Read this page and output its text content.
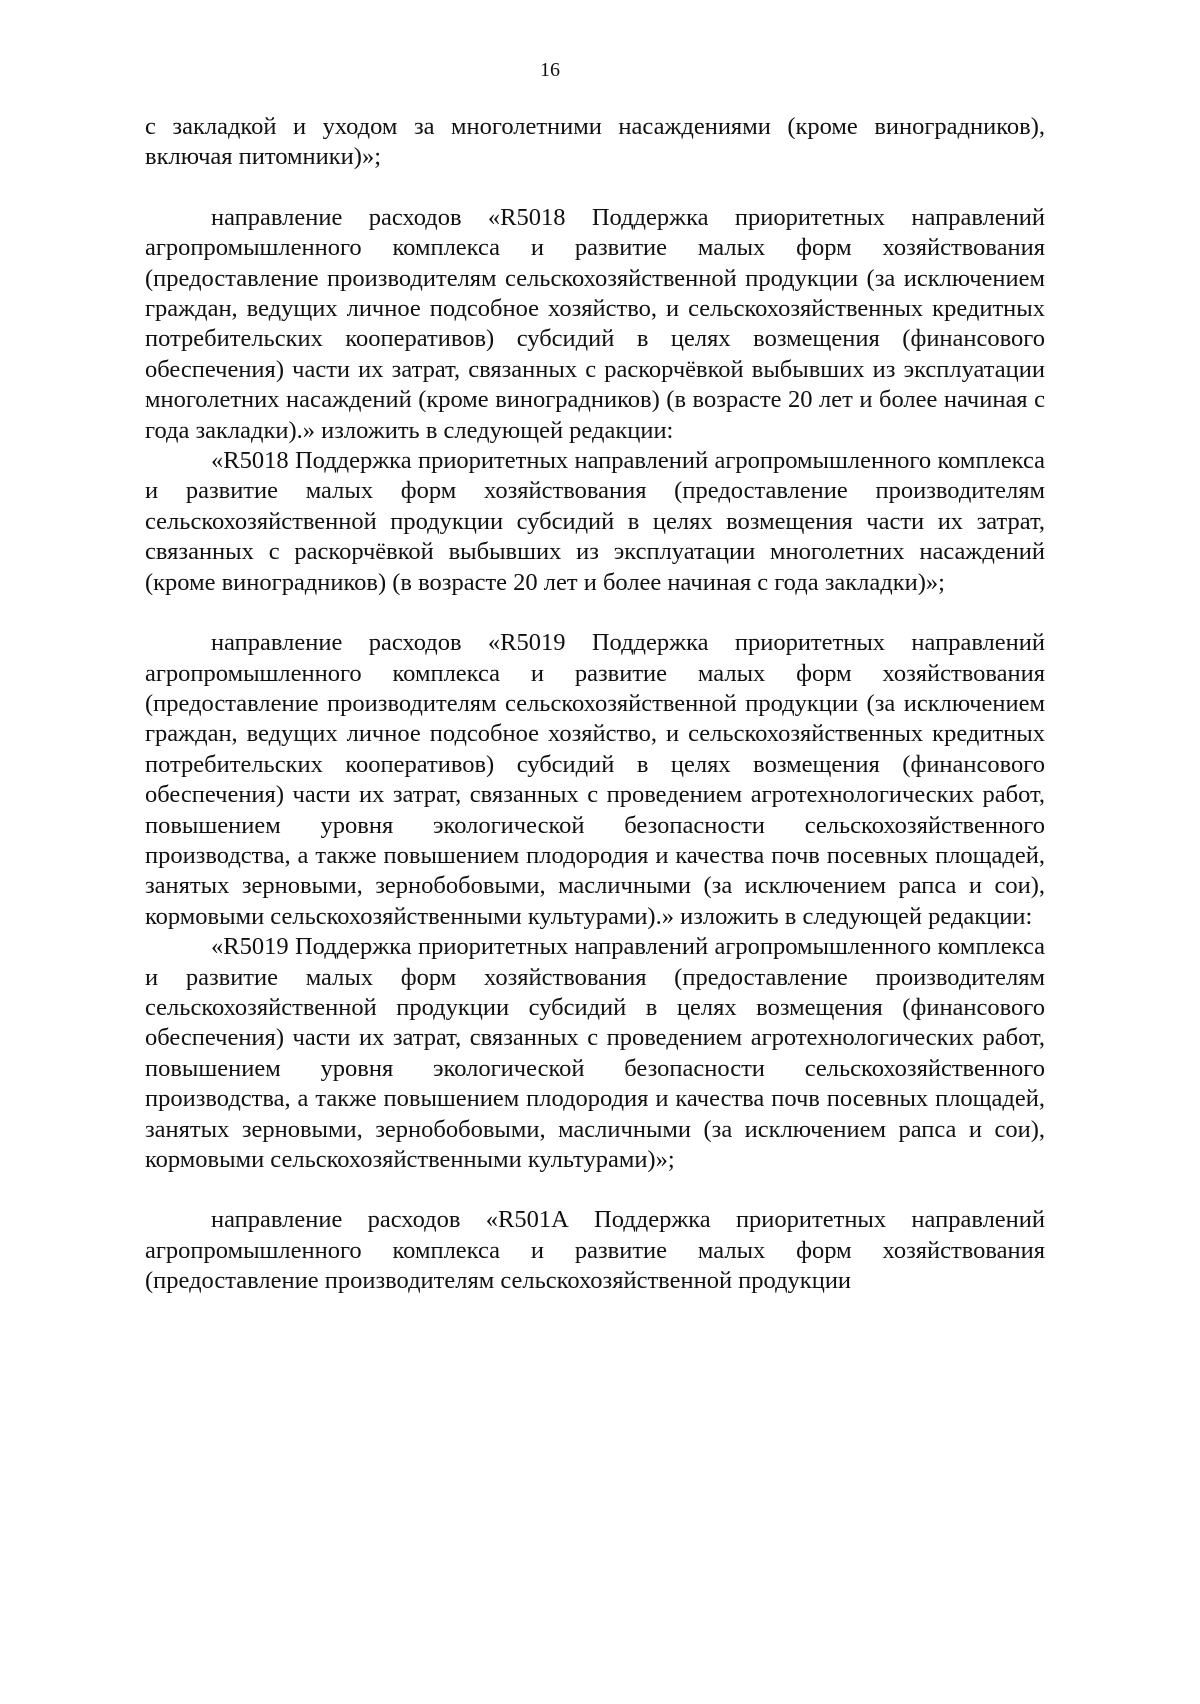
16

с закладкой и уходом за многолетними насаждениями (кроме виноградников), включая питомники)»;

направление расходов «R5018 Поддержка приоритетных направлений агропромышленного комплекса и развитие малых форм хозяйствования (предоставление производителям сельскохозяйственной продукции (за исключением граждан, ведущих личное подсобное хозяйство, и сельскохозяйственных кредитных потребительских кооперативов) субсидий в целях возмещения (финансового обеспечения) части их затрат, связанных с раскорчёвкой выбывших из эксплуатации многолетних насаждений (кроме виноградников) (в возрасте 20 лет и более начиная с года закладки).» изложить в следующей редакции:

«R5018 Поддержка приоритетных направлений агропромышленного комплекса и развитие малых форм хозяйствования (предоставление производителям сельскохозяйственной продукции субсидий в целях возмещения части их затрат, связанных с раскорчёвкой выбывших из эксплуатации многолетних насаждений (кроме виноградников) (в возрасте 20 лет и более начиная с года закладки)»;

направление расходов «R5019 Поддержка приоритетных направлений агропромышленного комплекса и развитие малых форм хозяйствования (предоставление производителям сельскохозяйственной продукции (за исключением граждан, ведущих личное подсобное хозяйство, и сельскохозяйственных кредитных потребительских кооперативов) субсидий в целях возмещения (финансового обеспечения) части их затрат, связанных с проведением агротехнологических работ, повышением уровня экологической безопасности сельскохозяйственного производства, а также повышением плодородия и качества почв посевных площадей, занятых зерновыми, зернобобовыми, масличными (за исключением рапса и сои), кормовыми сельскохозяйственными культурами).» изложить в следующей редакции:

«R5019 Поддержка приоритетных направлений агропромышленного комплекса и развитие малых форм хозяйствования (предоставление производителям сельскохозяйственной продукции субсидий в целях возмещения (финансового обеспечения) части их затрат, связанных с проведением агротехнологических работ, повышением уровня экологической безопасности сельскохозяйственного производства, а также повышением плодородия и качества почв посевных площадей, занятых зерновыми, зернобобовыми, масличными (за исключением рапса и сои), кормовыми сельскохозяйственными культурами)»;

направление расходов «R501А Поддержка приоритетных направлений агропромышленного комплекса и развитие малых форм хозяйствования (предоставление производителям сельскохозяйственной продукции
